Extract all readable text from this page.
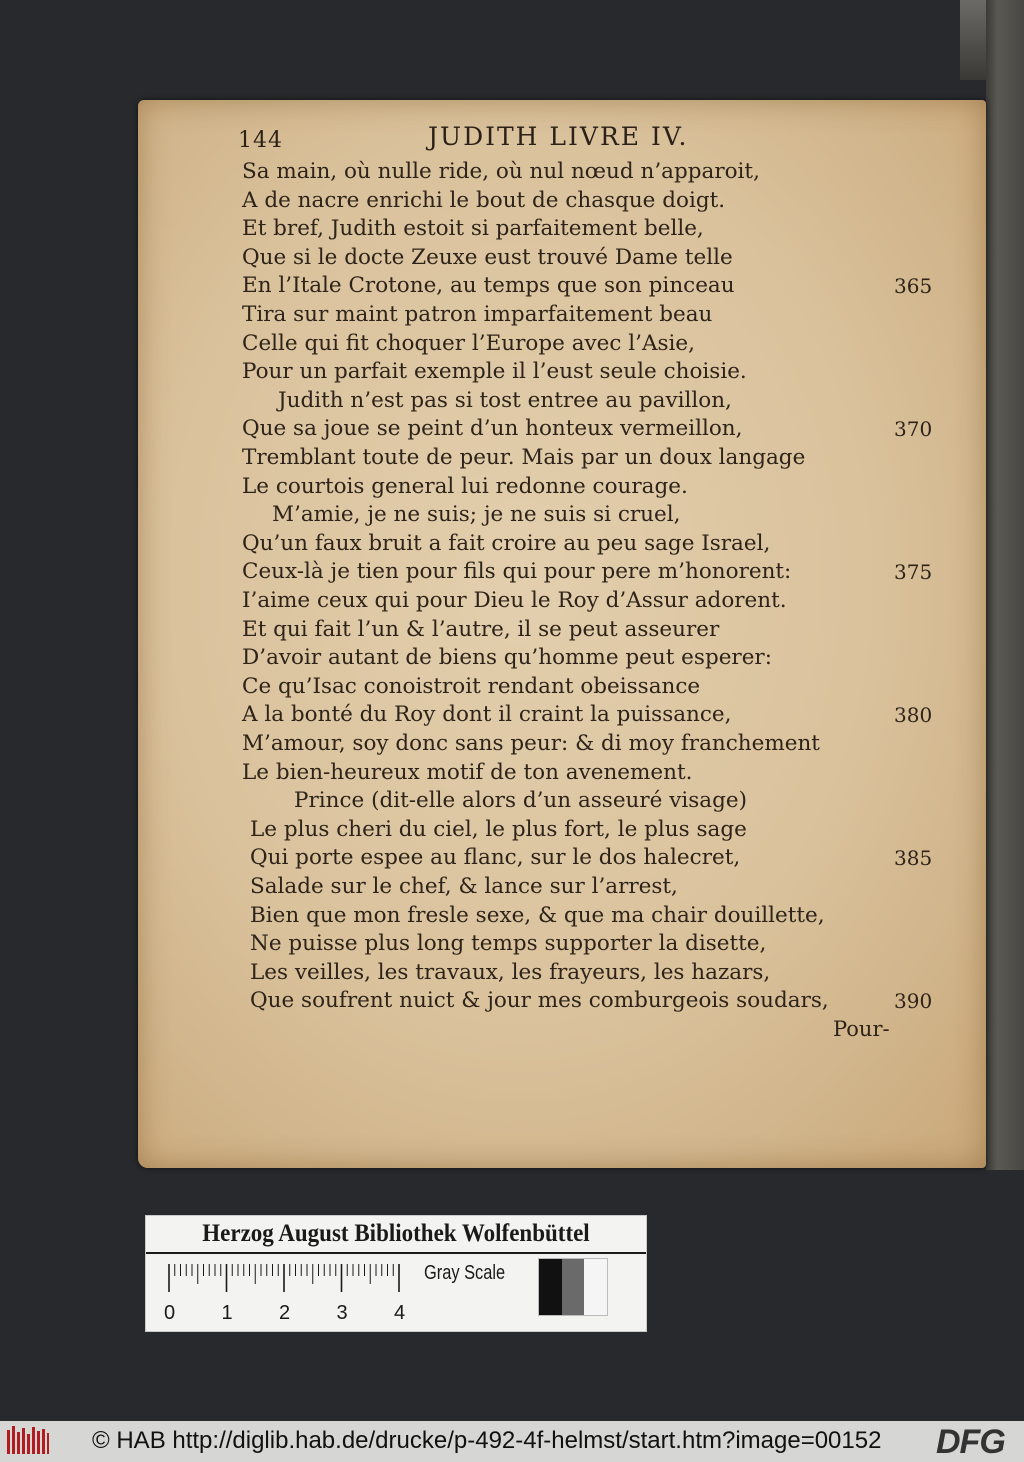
144	JUDITH LIVRE IV.
Sa main, où nulle ride, où nul nœud n’apparoit,
A de nacre enrichi le bout de chasque doigt.
Et bref, Judith estoit si parfaitement belle,
Que si le docte Zeuxe eust trouvé Dame telle
En l’Itale Crotone, au temps que son pinceau
Tira sur maint patron imparfaitement beau
Celle qui fit choquer l’Europe avec l’Asie,
Pour un parfait exemple il l’eust seule choisie.
Judith n’est pas si tost entree au pavillon,
Que sa joue se peint d’un honteux vermeillon,
Tremblant toute de peur. Mais par un doux langage
Le courtois general lui redonne courage.
M’amie, je ne suis; je ne suis si cruel,
Qu’un faux bruit a fait croire au peu sage Israel,
Ceux-là je tien pour fils qui pour pere m’honorent:
I’aime ceux qui pour Dieu le Roy d’Assur adorent.
Et qui fait l’un & l’autre, il se peut asseurer
D’avoir autant de biens qu’homme peut esperer:
Ce qu’Isac conoistroit rendant obeissance
A la bonté du Roy dont il craint la puissance,
M’amour, soy donc sans peur: & di moy franchement
Le bien-heureux motif de ton avenement.
Prince (dit-elle alors d’un asseuré visage)
Le plus cheri du ciel, le plus fort, le plus sage
Qui porte espee au flanc, sur le dos halecret,
Salade sur le chef, & lance sur l’arrest,
Bien que mon fresle sexe, & que ma chair douillette,
Ne puisse plus long temps supporter la disette,
Les veilles, les travaux, les frayeurs, les hazars,
Que soufrent nuict & jour mes comburgeois soudars,
365
370
375
380
385
390
Pour-
Herzog August Bibliothek Wolfenbüttel
0 1 2 3 4
Gray Scale
© HAB http://diglib.hab.de/drucke/p-492-4f-helmst/start.htm?image=00152 DFG
